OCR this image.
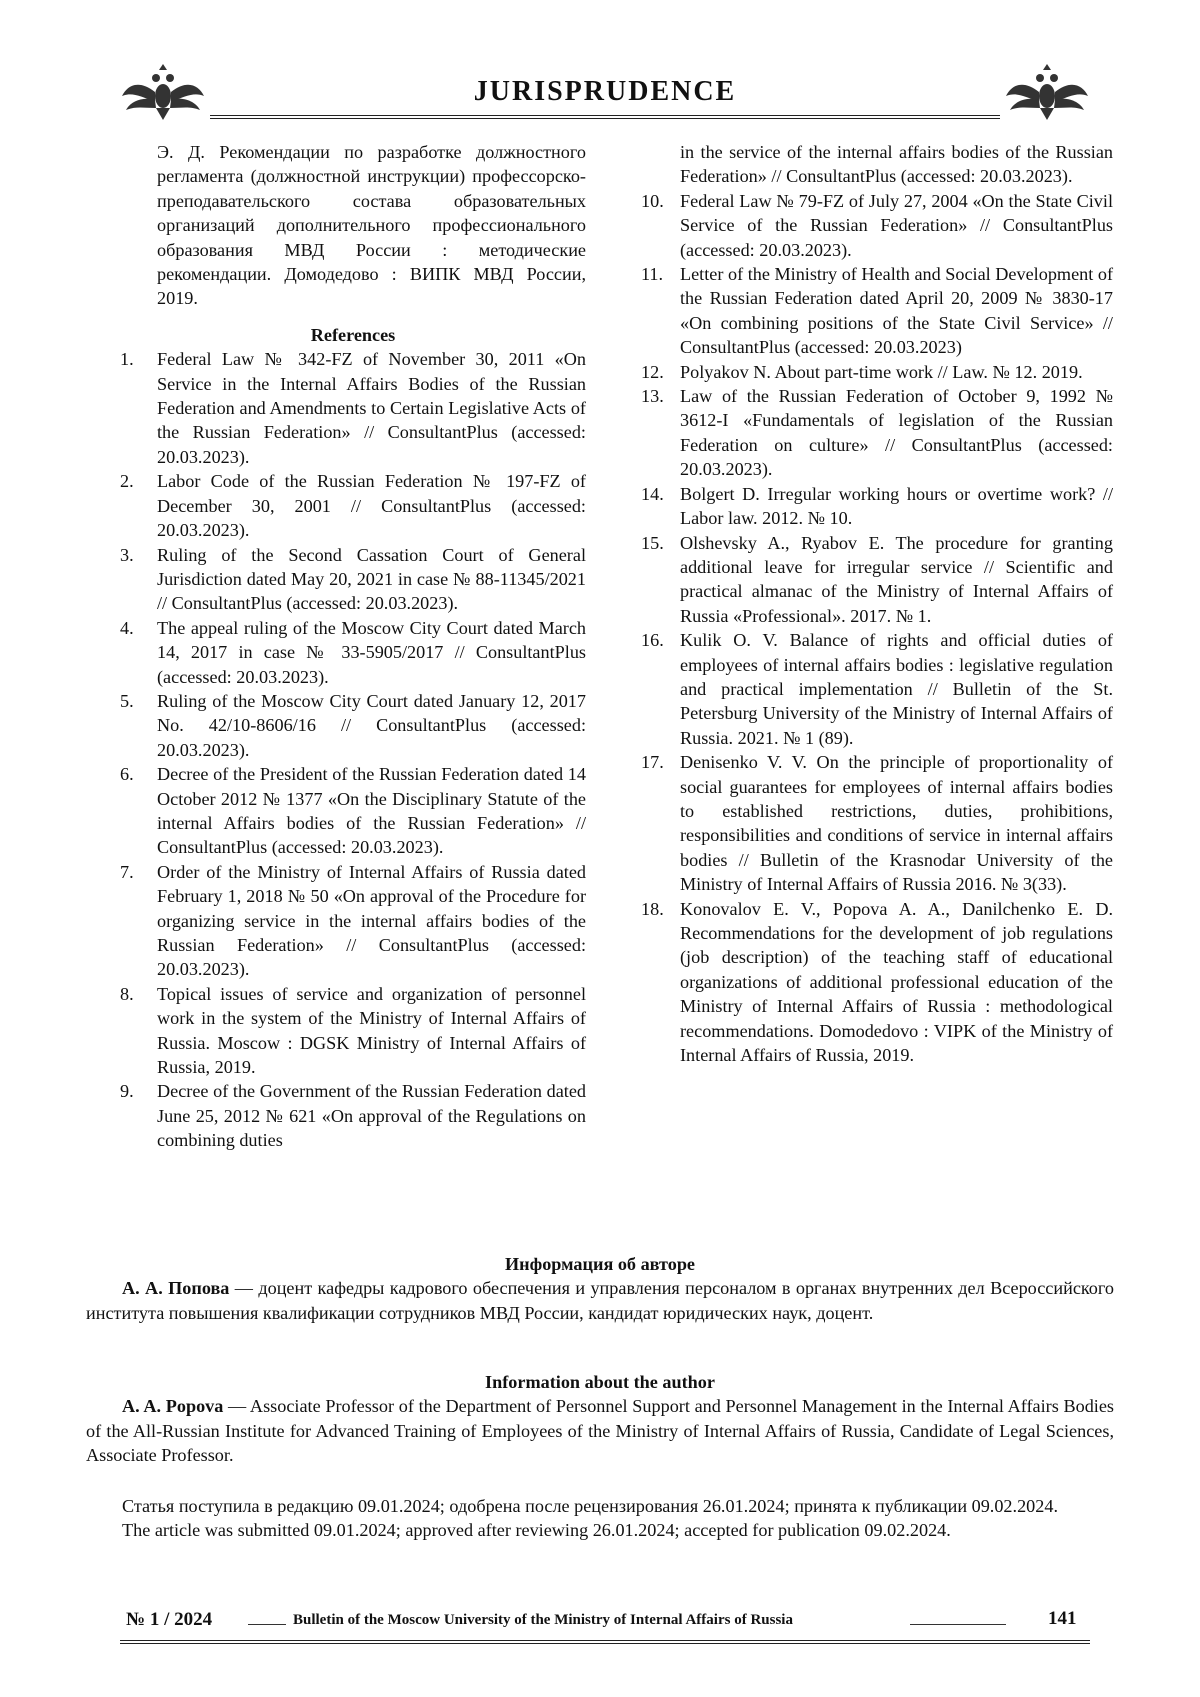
JURISPRUDENCE

Э. Д. Рекомендации по разработке должностного регламента (должностной инструкции) профессорско-преподавательского состава образовательных организаций дополнительного профессионального образования МВД России : методические рекомендации. Домодедово : ВИПК МВД России, 2019.

References
1. Federal Law № 342-FZ of November 30, 2011 «On Service in the Internal Affairs Bodies of the Russian Federation and Amendments to Certain Legislative Acts of the Russian Federation» // ConsultantPlus (accessed: 20.03.2023).
2. Labor Code of the Russian Federation № 197-FZ of December 30, 2001 // ConsultantPlus (accessed: 20.03.2023).
3. Ruling of the Second Cassation Court of General Jurisdiction dated May 20, 2021 in case № 88-11345/2021 // ConsultantPlus (accessed: 20.03.2023).
4. The appeal ruling of the Moscow City Court dated March 14, 2017 in case № 33-5905/2017 // ConsultantPlus (accessed: 20.03.2023).
5. Ruling of the Moscow City Court dated January 12, 2017 No. 42/10-8606/16 // ConsultantPlus (accessed: 20.03.2023).
6. Decree of the President of the Russian Federation dated 14 October 2012 № 1377 «On the Disciplinary Statute of the internal Affairs bodies of the Russian Federation» // ConsultantPlus (accessed: 20.03.2023).
7. Order of the Ministry of Internal Affairs of Russia dated February 1, 2018 № 50 «On approval of the Procedure for organizing service in the internal affairs bodies of the Russian Federation» // ConsultantPlus (accessed: 20.03.2023).
8. Topical issues of service and organization of personnel work in the system of the Ministry of Internal Affairs of Russia. Moscow : DGSK Ministry of Internal Affairs of Russia, 2019.
9. Decree of the Government of the Russian Federation dated June 25, 2012 № 621 «On approval of the Regulations on combining duties

in the service of the internal affairs bodies of the Russian Federation» // ConsultantPlus (accessed: 20.03.2023).

10. Federal Law № 79-FZ of July 27, 2004 «On the State Civil Service of the Russian Federation» // ConsultantPlus (accessed: 20.03.2023).
11. Letter of the Ministry of Health and Social Development of the Russian Federation dated April 20, 2009 № 3830-17 «On combining positions of the State Civil Service» // ConsultantPlus (accessed: 20.03.2023)
12. Polyakov N. About part-time work // Law. № 12. 2019.
13. Law of the Russian Federation of October 9, 1992 № 3612-I «Fundamentals of legislation of the Russian Federation on culture» // ConsultantPlus (accessed: 20.03.2023).
14. Bolgert D. Irregular working hours or overtime work? // Labor law. 2012. № 10.
15. Olshevsky A., Ryabov E. The procedure for granting additional leave for irregular service // Scientific and practical almanac of the Ministry of Internal Affairs of Russia «Professional». 2017. № 1.
16. Kulik O. V. Balance of rights and official duties of employees of internal affairs bodies : legislative regulation and practical implementation // Bulletin of the St. Petersburg University of the Ministry of Internal Affairs of Russia. 2021. № 1 (89).
17. Denisenko V. V. On the principle of proportionality of social guarantees for employees of internal affairs bodies to established restrictions, duties, prohibitions, responsibilities and conditions of service in internal affairs bodies // Bulletin of the Krasnodar University of the Ministry of Internal Affairs of Russia 2016. № 3(33).
18. Konovalov E. V., Popova A. A., Danilchenko E. D. Recommendations for the development of job regulations (job description) of the teaching staff of educational organizations of additional professional education of the Ministry of Internal Affairs of Russia : methodological recommendations. Domodedovo : VIPK of the Ministry of Internal Affairs of Russia, 2019.
Информация об авторе

А. А. Попова — доцент кафедры кадрового обеспечения и управления персоналом в органах внутренних дел Всероссийского института повышения квалификации сотрудников МВД России, кандидат юридических наук, доцент.

Information about the author

A. A. Popova — Associate Professor of the Department of Personnel Support and Personnel Management in the Internal Affairs Bodies of the All-Russian Institute for Advanced Training of Employees of the Ministry of Internal Affairs of Russia, Candidate of Legal Sciences, Associate Professor.

Статья поступила в редакцию 09.01.2024; одобрена после рецензирования 26.01.2024; принята к публикации 09.02.2024.

The article was submitted 09.01.2024; approved after reviewing 26.01.2024; accepted for publication 09.02.2024.

№ 1 / 2024	Bulletin of the Moscow University of the Ministry of Internal Affairs of Russia	141
